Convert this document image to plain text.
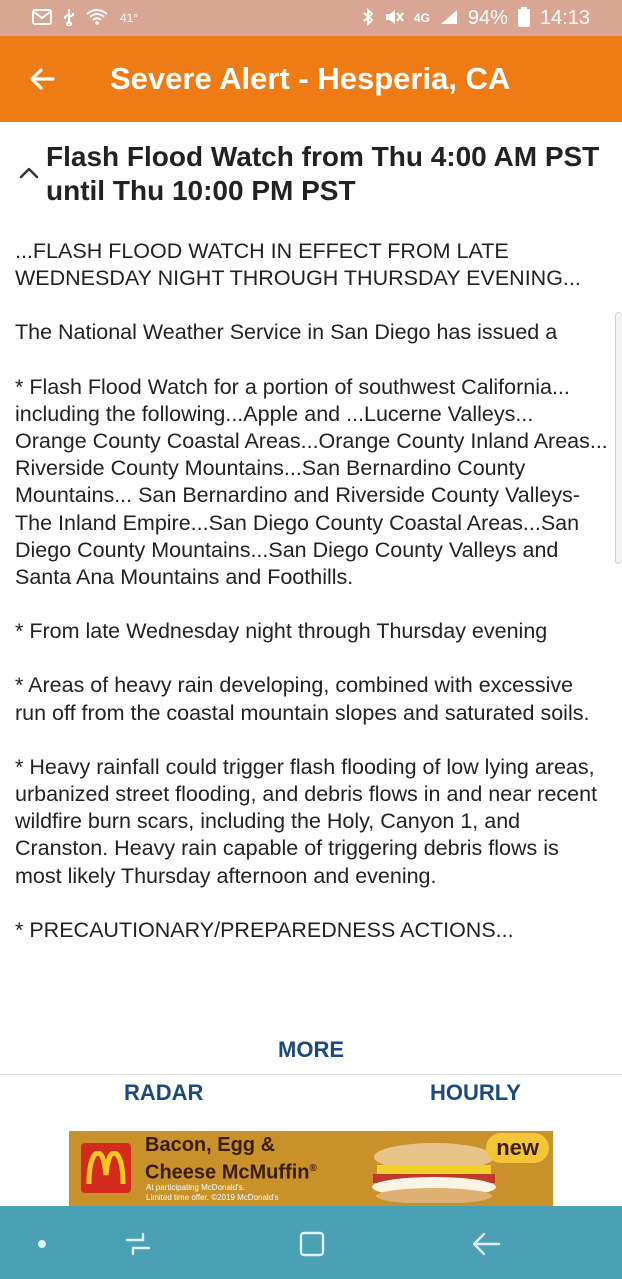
41°	4G 94% 14:13
Severe Alert - Hesperia, CA
Flash Flood Watch from Thu 4:00 AM PST until Thu 10:00 PM PST

...FLASH FLOOD WATCH IN EFFECT FROM LATE WEDNESDAY NIGHT THROUGH THURSDAY EVENING...

The National Weather Service in San Diego has issued a

* Flash Flood Watch for a portion of southwest California... including the following...Apple and ...Lucerne Valleys... Orange County Coastal Areas...Orange County Inland Areas... Riverside County Mountains...San Bernardino County Mountains... San Bernardino and Riverside County Valleys-The Inland Empire...San Diego County Coastal Areas...San Diego County Mountains...San Diego County Valleys and Santa Ana Mountains and Foothills.

* From late Wednesday night through Thursday evening

* Areas of heavy rain developing, combined with excessive run off from the coastal mountain slopes and saturated soils.

* Heavy rainfall could trigger flash flooding of low lying areas, urbanized street flooding, and debris flows in and near recent wildfire burn scars, including the Holy, Canyon 1, and Cranston. Heavy rain capable of triggering debris flows is most likely Thursday afternoon and evening.

* PRECAUTIONARY/PREPAREDNESS ACTIONS...

MORE
RADAR	HOURLY
Bacon, Egg &
Cheese McMuffin®
At participating McDonald's.
Limited time offer. ©2019 McDonald's
new
